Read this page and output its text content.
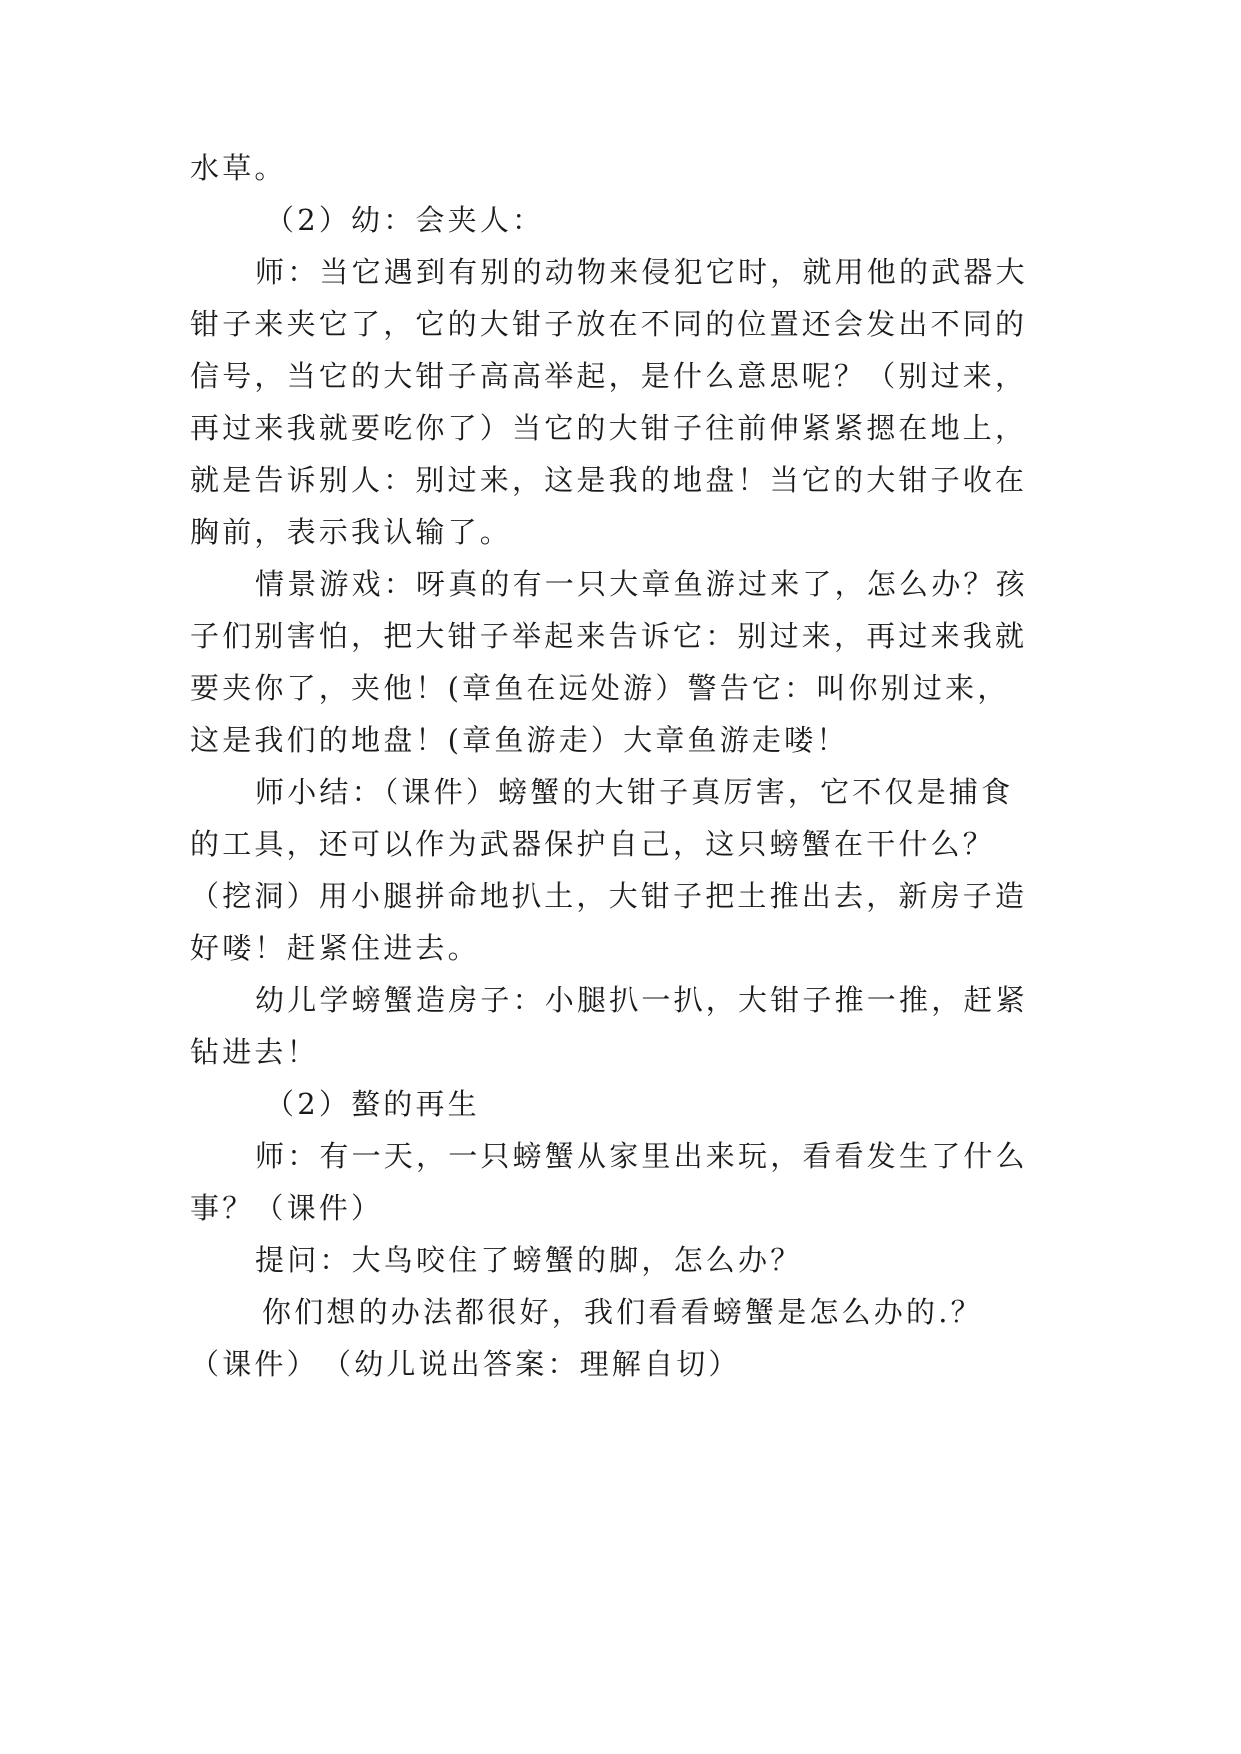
水草。
（2）幼：会夹人：
师：当它遇到有别的动物来侵犯它时，就用他的武器大
钳子来夹它了，它的大钳子放在不同的位置还会发出不同的
信号，当它的大钳子高高举起，是什么意思呢？（别过来，
再过来我就要吃你了）当它的大钳子往前伸紧紧摁在地上，
就是告诉别人：别过来，这是我的地盘！当它的大钳子收在
胸前，表示我认输了。
情景游戏：呀真的有一只大章鱼游过来了，怎么办？孩
子们别害怕，把大钳子举起来告诉它：别过来，再过来我就
要夹你了，夹他！(章鱼在远处游）警告它：叫你别过来，
这是我们的地盘！(章鱼游走）大章鱼游走喽！
师小结：（课件）螃蟹的大钳子真厉害，它不仅是捕食
的工具，还可以作为武器保护自己，这只螃蟹在干什么？
（挖洞）用小腿拼命地扒土，大钳子把土推出去，新房子造
好喽！赶紧住进去。
幼儿学螃蟹造房子：小腿扒一扒，大钳子推一推，赶紧
钻进去！
（2）螯的再生
师：有一天，一只螃蟹从家里出来玩，看看发生了什么
事？（课件）
提问：大鸟咬住了螃蟹的脚，怎么办？
你们想的办法都很好，我们看看螃蟹是怎么办的.？
（课件）　（幼儿说出答案：理解自切）
